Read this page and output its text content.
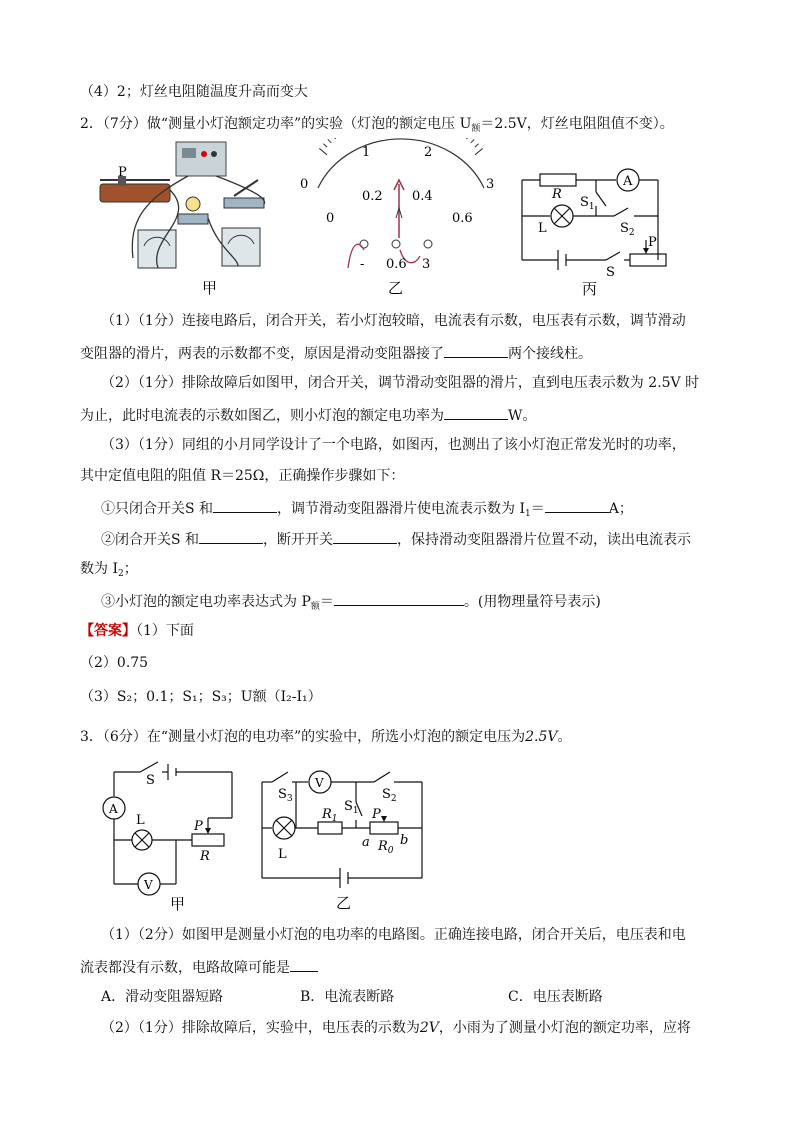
（4）2；灯丝电阻随温度升高而变大
2．（7分）做“测量小灯泡额定功率”的实验（灯泡的额定电压 $U_额=2.5V$，灯丝电阻阻值不变）。
P
甲
0
1	2
3
0
0.2 0.4
0.6
- 0.6 3
乙
R
$S_1$
A
L	$S_2$
S
P
丙
（1）（1分）连接电路后，闭合开关，若小灯泡较暗，电流表有示数，电压表有示数，调节滑动
变阻器的滑片，两表的示数都不变，原因是滑动变阻器接了	两个接线柱。
（2）（1分）排除故障后如图甲，闭合开关，调节滑动变阻器的滑片，直到电压表示数为 2.5V 时
为止，此时电流表的示数如图乙，则小灯泡的额定电功率为	W。
（3）（1分）同组的小月同学设计了一个电路，如图丙，也测出了该小灯泡正常发光时的功率，
其中定值电阻的阻值 R＝25Ω，正确操作步骤如下：
①只闭合开关S 和	，调节滑动变阻器滑片使电流表示数为 $I_1=$	A；
②闭合开关S 和	，断开开关	，保持滑动变阻器滑片位置不动，读出电流表示
数为 $I_2$；
③小灯泡的额定电功率表达式为 $P_额=$	。(用物理量符号表示)
【答案】（1）下面
（2）0.75
（3）S₂；0.1；S₁；S₃；U额（I₂-I₁）
3．（6分）在“测量小灯泡的电功率”的实验中，所选小灯泡的额定电压为2.5V。
S
A
L	P
R
V
甲
$S_3$
V
$S_1$
$S_2$
$R_1$	P
$R_0$
a b
L
乙
（1）（2分）如图甲是测量小灯泡的电功率的电路图。正确连接电路，闭合开关后，电压表和电
流表都没有示数，电路故障可能是
A．滑动变阻器短路	B．电流表断路	C．电压表断路
（2）（1分）排除故障后，实验中，电压表的示数为2V，小雨为了测量小灯泡的额定功率，应将
